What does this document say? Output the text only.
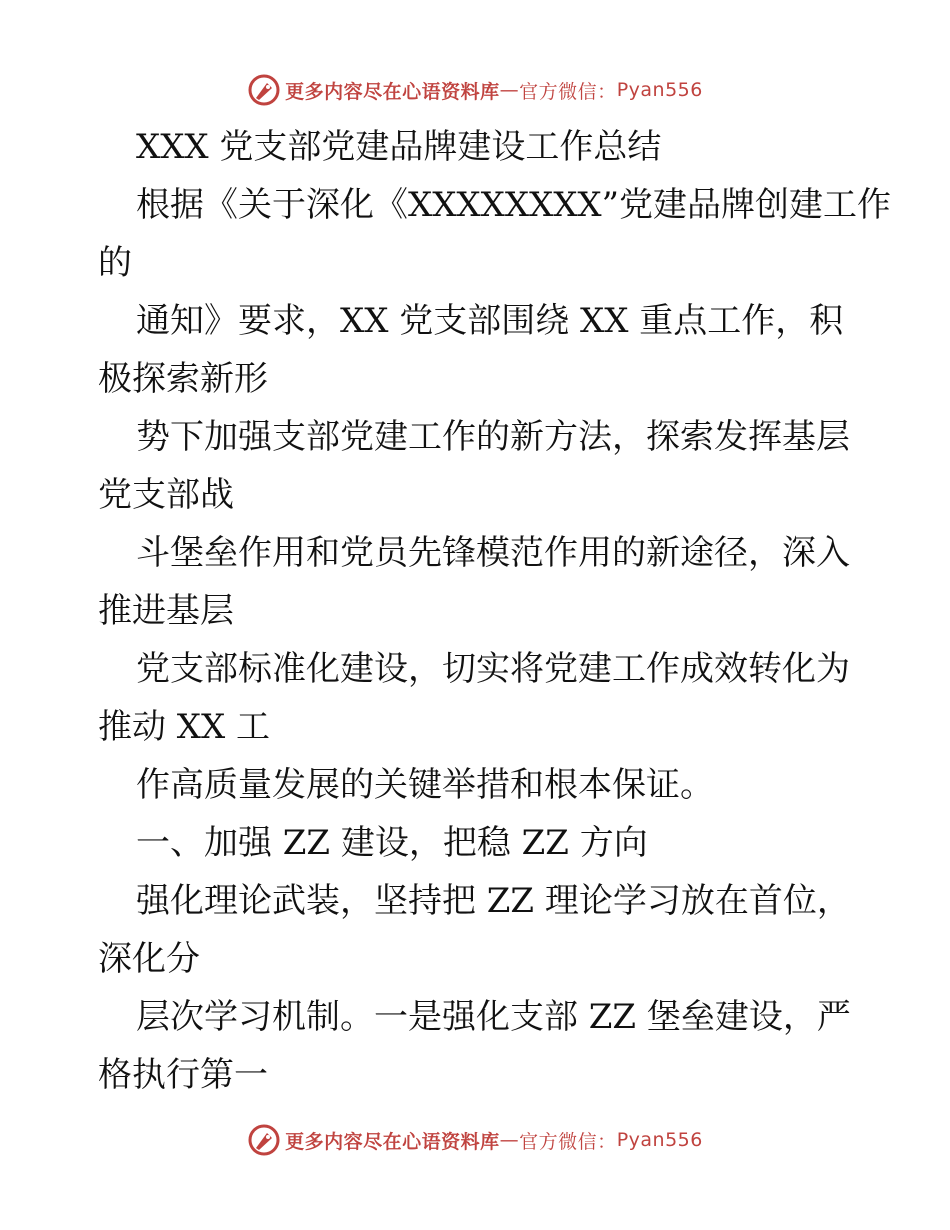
更多内容尽在心语资料库 — 官方微信： Pyan556
XXX 党支部党建品牌建设工作总结
根据《关于深化《XXXXXXXX”党建品牌创建工作
的
通知》要求，XX 党支部围绕 XX 重点工作，积
极探索新形
势下加强支部党建工作的新方法，探索发挥基层
党支部战
斗堡垒作用和党员先锋模范作用的新途径，深入
推进基层
党支部标准化建设，切实将党建工作成效转化为
推动 XX 工
作高质量发展的关键举措和根本保证。
一、加强 ZZ 建设，把稳 ZZ 方向
强化理论武装，坚持把 ZZ 理论学习放在首位，
深化分
层次学习机制。一是强化支部 ZZ 堡垒建设，严
格执行第一
更多内容尽在心语资料库 — 官方微信： Pyan556
